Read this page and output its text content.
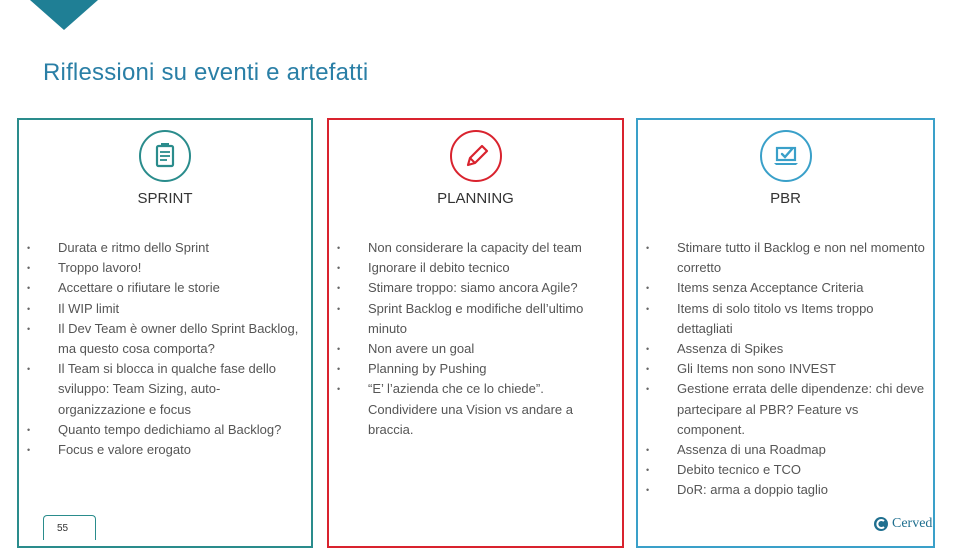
Riflessioni su eventi e artefatti
SPRINT
• Durata e ritmo dello Sprint
• Troppo lavoro!
• Accettare o rifiutare le storie
• Il WIP limit
• Il Dev Team è owner dello Sprint Backlog, ma questo cosa comporta?
• Il Team si blocca in qualche fase dello sviluppo: Team Sizing, auto-organizzazione e focus
• Quanto tempo dedichiamo al Backlog?
• Focus e valore erogato
PLANNING
• Non considerare la capacity del team
• Ignorare il debito tecnico
• Stimare troppo: siamo ancora Agile?
• Sprint Backlog e modifiche dell’ultimo minuto
• Non avere un goal
• Planning by Pushing
• “E’ l’azienda che ce lo chiede”. Condividere una Vision vs andare a braccia.
PBR
• Stimare tutto il Backlog e non nel momento corretto
• Items senza Acceptance Criteria
• Items di solo titolo vs Items troppo dettagliati
• Assenza di Spikes
• Gli Items non sono INVEST
• Gestione errata delle dipendenze: chi deve partecipare al PBR? Feature vs component.
• Assenza di una Roadmap
• Debito tecnico e TCO
• DoR: arma a doppio taglio
55	Cerved
